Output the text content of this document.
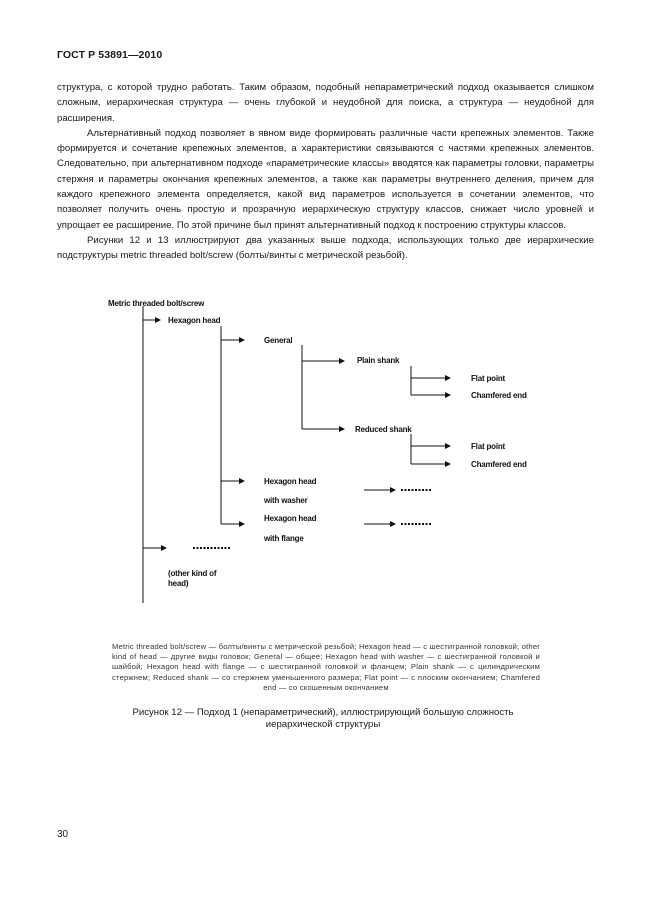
ГОСТ Р 53891—2010

структура, с которой трудно работать. Таким образом, подобный непараметрический подход оказывается слишком сложным, иерархическая структура — очень глубокой и неудобной для поиска, а структура — неудобной для расширения.

Альтернативный подход позволяет в явном виде формировать различные части крепежных элементов. Также формируется и сочетание крепежных элементов, а характеристики связываются с частями крепежных элементов. Следовательно, при альтернативном подходе «параметрические классы» вводятся как параметры головки, параметры стержня и параметры окончания крепежных элементов, а также как параметры внутреннего деления, причем для каждого крепежного элемента определяется, какой вид параметров используется в сочетании элементов, что позволяет получить очень простую и прозрачную иерархическую структуру классов, снижает число уровней и упрощает ее расширение. По этой причине был принят альтернативный подход к построению структуры классов.

Рисунки 12 и 13 иллюстрируют два указанных выше подхода, использующих только две иерархические подструктуры metric threaded bolt/screw (болты/винты с метрической резьбой).

Metric threaded bolt/screw
Hexagon head
General
Plain shank
Flat point
Chamfered end
Reduced shank
Flat point
Chamfered end
Hexagon head
with washer
Hexagon head
with flange
(other kind of
head)

Metric threaded bolt/screw — болты/винты с метрической резьбой; Hexagon head — с шестигранной головкой; other kind of head — другие виды головок; General — общее; Hexagon head with washer — с шестигранной головкой и шайбой; Hexagon head with flange — с шестигранной головкой и фланцем; Plain shank — с цилиндрическим стержнем; Reduced shank — со стержнем уменьшенного размера; Flat point — с плоским окончанием; Chamfered end — со скошенным окончанием

Рисунок 12 — Подход 1 (непараметрический), иллюстрирующий большую сложность
иерархической структуры
30
